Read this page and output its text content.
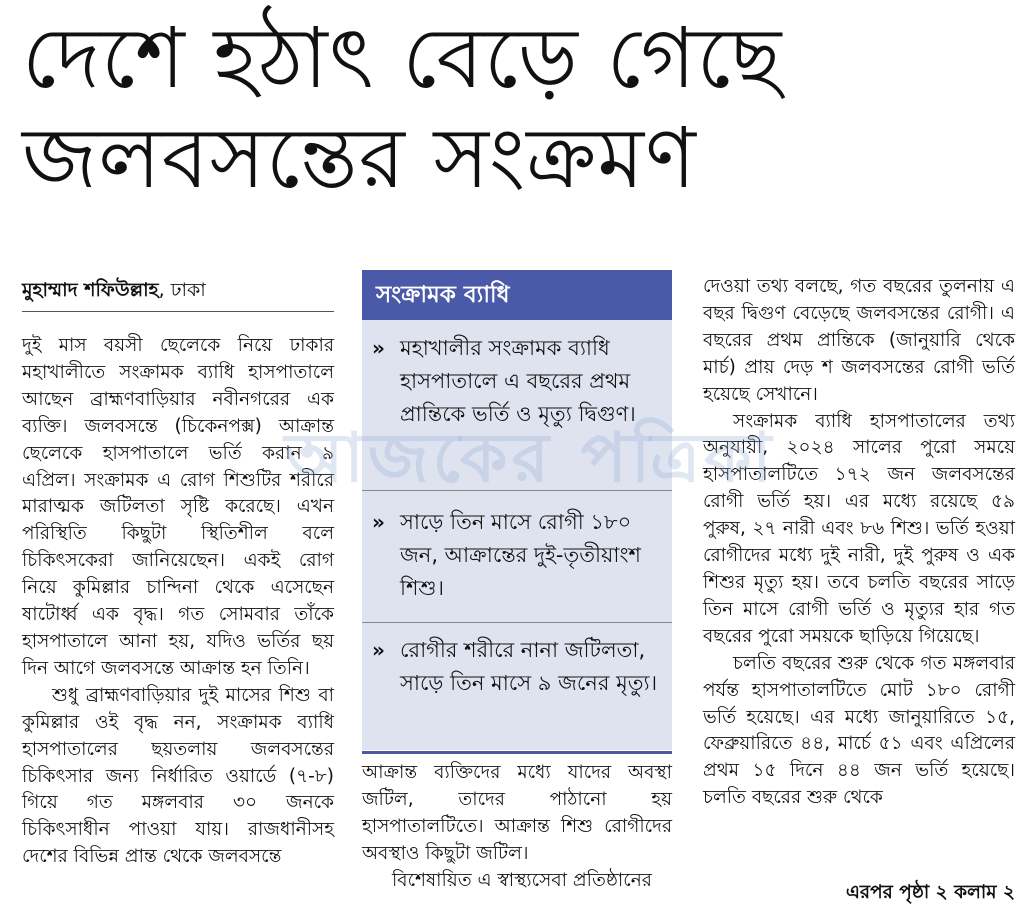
দেশে হঠাৎ বেড়ে গেছে
জলবসন্তের সংক্রমণ
মুহাম্মাদ শফিউল্লাহ, ঢাকা

দুই মাস বয়সী ছেলেকে নিয়ে ঢাকার মহাখালীতে সংক্রামক ব্যাধি হাসপাতালে আছেন ব্রাহ্মণবাড়িয়ার নবীনগরের এক ব্যক্তি। জলবসন্তে (চিকেনপক্স) আক্রান্ত ছেলেকে হাসপাতালে ভর্তি করান ৯ এপ্রিল। সংক্রামক এ রোগ শিশুটির শরীরে মারাত্মক জটিলতা সৃষ্টি করেছে। এখন পরিস্থিতি কিছুটা স্থিতিশীল বলে চিকিৎসকেরা জানিয়েছেন। একই রোগ নিয়ে কুমিল্লার চান্দিনা থেকে এসেছেন ষাটোর্ধ্ব এক বৃদ্ধ। গত সোমবার তাঁকে হাসপাতালে আনা হয়, যদিও ভর্তির ছয় দিন আগে জলবসন্তে আক্রান্ত হন তিনি।

শুধু ব্রাহ্মণবাড়িয়ার দুই মাসের শিশু বা কুমিল্লার ওই বৃদ্ধ নন, সংক্রামক ব্যাধি হাসপাতালের ছয়তলায় জলবসন্তের চিকিৎসার জন্য নির্ধারিত ওয়ার্ডে (৭-৮) গিয়ে গত মঙ্গলবার ৩০ জনকে চিকিৎসাধীন পাওয়া যায়। রাজধানীসহ দেশের বিভিন্ন প্রান্ত থেকে জলবসন্তে

সংক্রামক ব্যাধি
» মহাখালীর সংক্রামক ব্যাধি হাসপাতালে এ বছরের প্রথম প্রান্তিকে ভর্তি ও মৃত্যু দ্বিগুণ।
» সাড়ে তিন মাসে রোগী ১৮০ জন, আক্রান্তের দুই-তৃতীয়াংশ শিশু।
» রোগীর শরীরে নানা জটিলতা, সাড়ে তিন মাসে ৯ জনের মৃত্যু।

আক্রান্ত ব্যক্তিদের মধ্যে যাদের অবস্থা জটিল, তাদের পাঠানো হয় হাসপাতালটিতে। আক্রান্ত শিশু রোগীদের অবস্থাও কিছুটা জটিল।

বিশেষায়িত এ স্বাস্থ্যসেবা প্রতিষ্ঠানের

দেওয়া তথ্য বলছে, গত বছরের তুলনায় এ বছর দ্বিগুণ বেড়েছে জলবসন্তের রোগী। এ বছরের প্রথম প্রান্তিকে (জানুয়ারি থেকে মার্চ) প্রায় দেড় শ জলবসন্তের রোগী ভর্তি হয়েছে সেখানে।

সংক্রামক ব্যাধি হাসপাতালের তথ্য অনুযায়ী, ২০২৪ সালের পুরো সময়ে হাসপাতালটিতে ১৭২ জন জলবসন্তের রোগী ভর্তি হয়। এর মধ্যে রয়েছে ৫৯ পুরুষ, ২৭ নারী এবং ৮৬ শিশু। ভর্তি হওয়া রোগীদের মধ্যে দুই নারী, দুই পুরুষ ও এক শিশুর মৃত্যু হয়। তবে চলতি বছরের সাড়ে তিন মাসে রোগী ভর্তি ও মৃত্যুর হার গত বছরের পুরো সময়কে ছাড়িয়ে গিয়েছে।

চলতি বছরের শুরু থেকে গত মঙ্গলবার পর্যন্ত হাসপাতালটিতে মোট ১৮০ রোগী ভর্তি হয়েছে। এর মধ্যে জানুয়ারিতে ১৫, ফেব্রুয়ারিতে ৪৪, মার্চে ৫১ এবং এপ্রিলের প্রথম ১৫ দিনে ৪৪ জন ভর্তি হয়েছে। চলতি বছরের শুরু থেকে

এরপর পৃষ্ঠা ২ কলাম ২
আজকের পত্রিকা
